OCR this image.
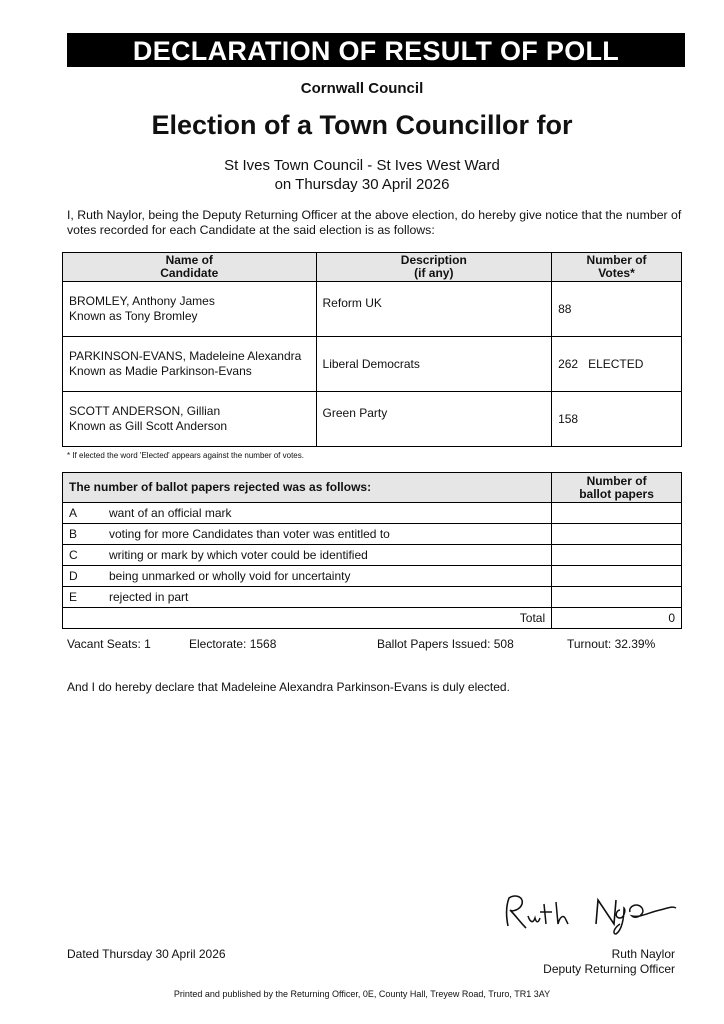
DECLARATION OF RESULT OF POLL
Cornwall Council
Election of a Town Councillor for
St Ives Town Council - St Ives West Ward
on Thursday 30 April 2026
I, Ruth Naylor, being the Deputy Returning Officer at the above election, do hereby give notice that the number of votes recorded for each Candidate at the said election is as follows:
Name of
Candidate	Description
(if any)	Number of
Votes*
BROMLEY, Anthony James
Known as Tony Bromley	Reform UK	88
PARKINSON-EVANS, Madeleine Alexandra
Known as Madie Parkinson-Evans	Liberal Democrats	262   ELECTED
SCOTT ANDERSON, Gillian
Known as Gill Scott Anderson	Green Party	158
* If elected the word 'Elected' appears against the number of votes.
The number of ballot papers rejected was as follows:	Number of
ballot papers
A want of an official mark	
B voting for more Candidates than voter was entitled to	
C writing or mark by which voter could be identified	
D being unmarked or wholly void for uncertainty	
E rejected in part	
Total	0
Vacant Seats: 1	Electorate: 1568	Ballot Papers Issued: 508	Turnout: 32.39%
And I do hereby declare that Madeleine Alexandra Parkinson-Evans is duly elected.
Dated Thursday 30 April 2026	Ruth Naylor
Deputy Returning Officer
Printed and published by the Returning Officer, 0E, County Hall, Treyew Road, Truro, TR1 3AY
